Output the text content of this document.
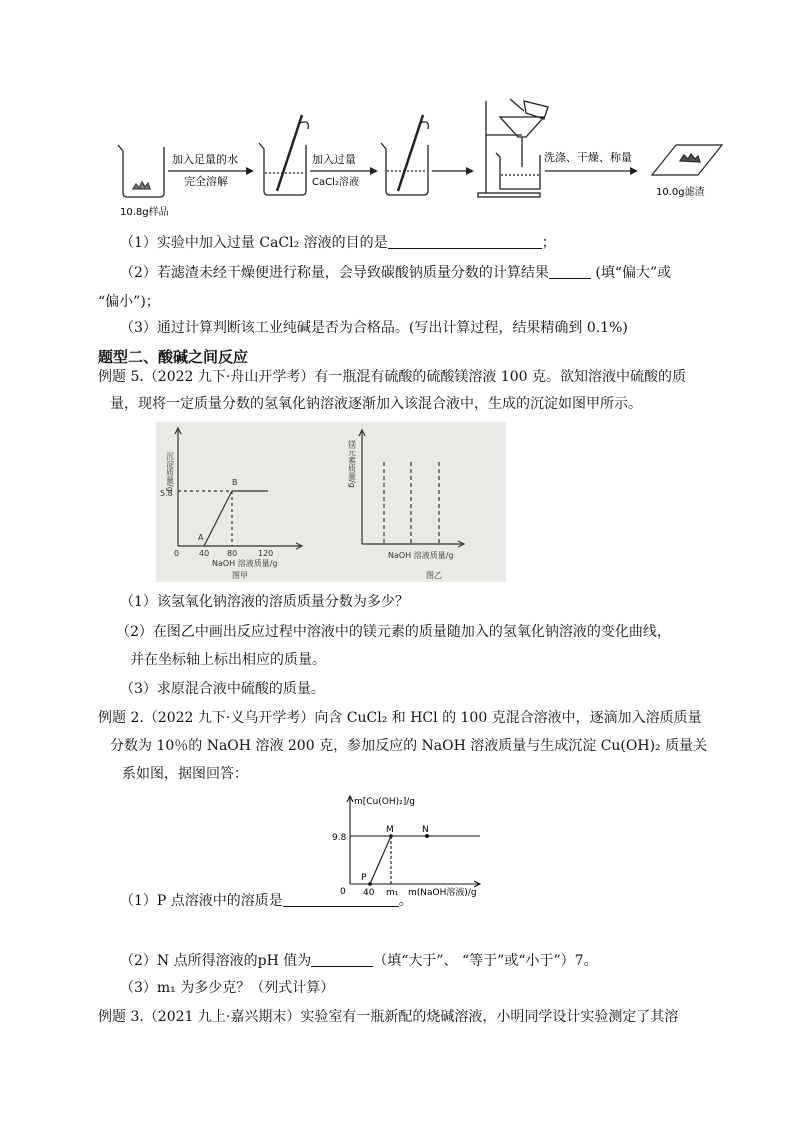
10.8g样品
加入足量的水
完全溶解
加入过量
CaCl₂溶液
洗涤、干燥、称量
10.0g滤渣
（1）实验中加入过量 CaCl₂ 溶液的目的是	；
（2）若滤渣未经干燥便进行称量，会导致碳酸钠质量分数的计算结果	(填“偏大”或
“偏小”)；
（3）通过计算判断该工业纯碱是否为合格品。(写出计算过程，结果精确到 0.1%)
题型二、酸碱之间反应
例题 5.（2022 九下·舟山开学考）有一瓶混有硫酸的硫酸镁溶液 100 克。欲知溶液中硫酸的质
量，现将一定质量分数的氢氧化钠溶液逐渐加入该混合液中，生成的沉淀如图甲所示。
沉淀质量/g
5.8
A
B
0 40 80	120
NaOH 溶液质量/g
图甲
镁元素质量/g
NaOH 溶液质量/g
图乙
（1）该氢氧化钠溶液的溶质质量分数为多少？
（2）在图乙中画出反应过程中溶液中的镁元素的质量随加入的氢氧化钠溶液的变化曲线，
并在坐标轴上标出相应的质量。
（3）求原混合液中硫酸的质量。
例题 2.（2022 九下·义乌开学考）向含 CuCl₂ 和 HCl 的 100 克混合溶液中，逐滴加入溶质质量
分数为 10％的 NaOH 溶液 200 克，参加反应的 NaOH 溶液质量与生成沉淀 Cu(OH)₂ 质量关
系如图，据图回答：
m[Cu(OH)₂]/g
9.8
M	N
P
0 40 m₁ m(NaOH溶液)/g
（1）P 点溶液中的溶质是	。
（2）N 点所得溶液的pH 值为	（填“大于”、 “等于”或“小于”）7。
（3）m₁ 为多少克？（列式计算）
例题 3.（2021 九上·嘉兴期末）实验室有一瓶新配的烧碱溶液，小明同学设计实验测定了其溶
